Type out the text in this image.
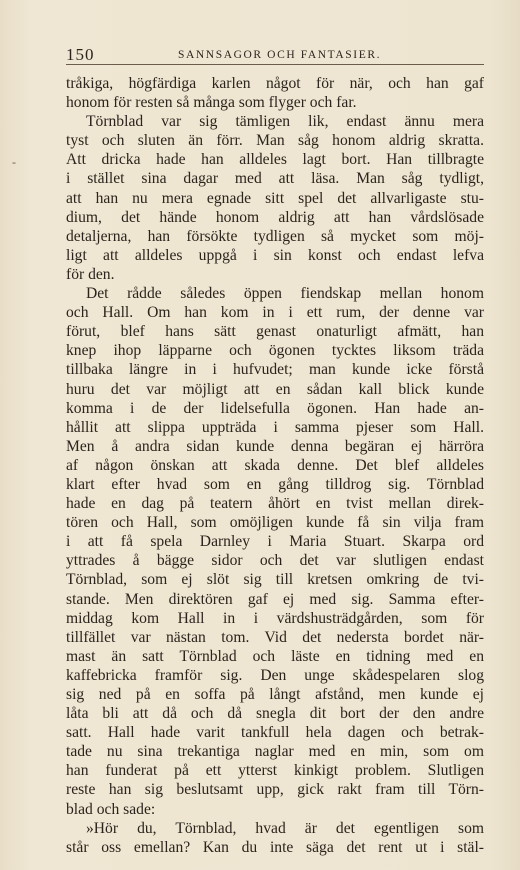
150	SANNSAGOR OCH FANTASIER.
-
tråkiga, högfärdiga karlen något för när, och han gaf
honom för resten så många som flyger och far.
Törnblad var sig tämligen lik, endast ännu mera
tyst och sluten än förr. Man såg honom aldrig skratta.
Att dricka hade han alldeles lagt bort. Han tillbragte
i stället sina dagar med att läsa. Man såg tydligt,
att han nu mera egnade sitt spel det allvarligaste stu-
dium, det hände honom aldrig att han vårdslösade
detaljerna, han försökte tydligen så mycket som möj-
ligt att alldeles uppgå i sin konst och endast lefva
för den.
Det rådde således öppen fiendskap mellan honom
och Hall. Om han kom in i ett rum, der denne var
förut, blef hans sätt genast onaturligt afmätt, han
knep ihop läpparne och ögonen tycktes liksom träda
tillbaka längre in i hufvudet; man kunde icke förstå
huru det var möjligt att en sådan kall blick kunde
komma i de der lidelsefulla ögonen. Han hade an-
hållit att slippa uppträda i samma pjeser som Hall.
Men å andra sidan kunde denna begäran ej härröra
af någon önskan att skada denne. Det blef alldeles
klart efter hvad som en gång tilldrog sig. Törnblad
hade en dag på teatern åhört en tvist mellan direk-
tören och Hall, som omöjligen kunde få sin vilja fram
i att få spela Darnley i Maria Stuart. Skarpa ord
yttrades å bägge sidor och det var slutligen endast
Törnblad, som ej slöt sig till kretsen omkring de tvi-
stande. Men direktören gaf ej med sig. Samma efter-
middag kom Hall in i värdshusträdgården, som för
tillfället var nästan tom. Vid det nedersta bordet när-
mast än satt Törnblad och läste en tidning med en
kaffebricka framför sig. Den unge skådespelaren slog
sig ned på en soffa på långt afstånd, men kunde ej
låta bli att då och då snegla dit bort der den andre
satt. Hall hade varit tankfull hela dagen och betrak-
tade nu sina trekantiga naglar med en min, som om
han funderat på ett ytterst kinkigt problem. Slutligen
reste han sig beslutsamt upp, gick rakt fram till Törn-
blad och sade:
»Hör du, Törnblad, hvad är det egentligen som
står oss emellan? Kan du inte säga det rent ut i stäl-
